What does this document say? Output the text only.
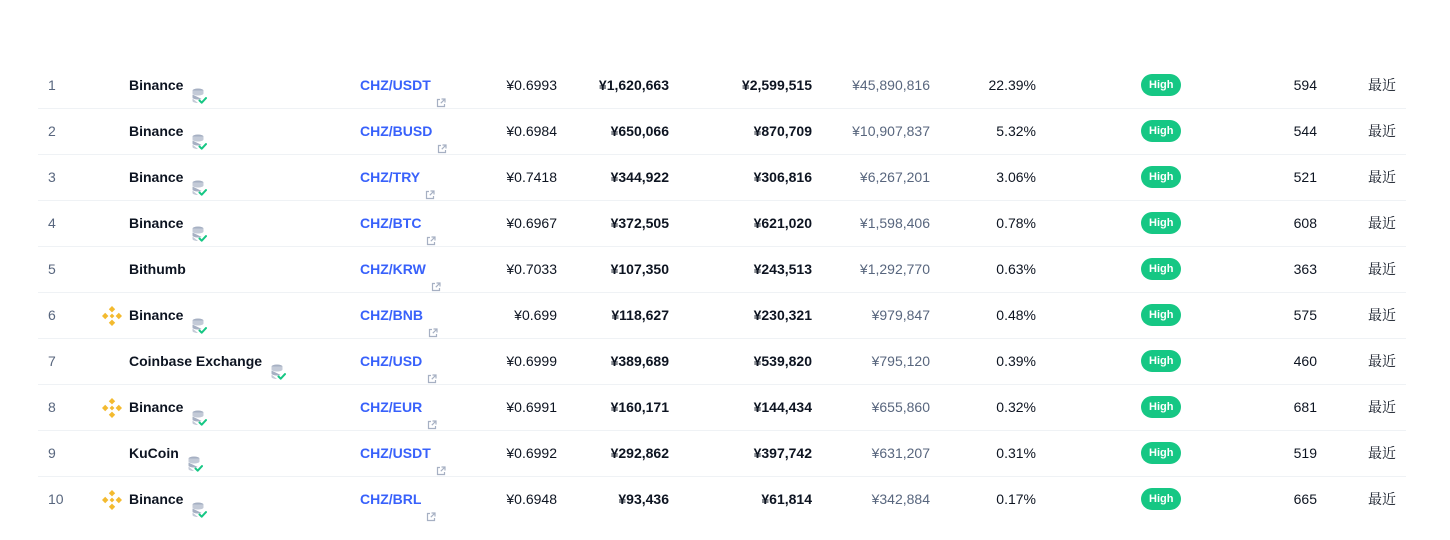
1	Binance	CHZ/USDT	¥0.6993	¥1,620,663	¥2,599,515	¥45,890,816	22.39%	High	594	最近
2	Binance	CHZ/BUSD	¥0.6984	¥650,066	¥870,709	¥10,907,837	5.32%	High	544	最近
3	Binance	CHZ/TRY	¥0.7418	¥344,922	¥306,816	¥6,267,201	3.06%	High	521	最近
4	Binance	CHZ/BTC	¥0.6967	¥372,505	¥621,020	¥1,598,406	0.78%	High	608	最近
5	Bithumb	CHZ/KRW	¥0.7033	¥107,350	¥243,513	¥1,292,770	0.63%	High	363	最近
6	Binance	CHZ/BNB	¥0.699	¥118,627	¥230,321	¥979,847	0.48%	High	575	最近
7	Coinbase Exchange	CHZ/USD	¥0.6999	¥389,689	¥539,820	¥795,120	0.39%	High	460	最近
8	Binance	CHZ/EUR	¥0.6991	¥160,171	¥144,434	¥655,860	0.32%	High	681	最近
9	KuCoin	CHZ/USDT	¥0.6992	¥292,862	¥397,742	¥631,207	0.31%	High	519	最近
10	Binance	CHZ/BRL	¥0.6948	¥93,436	¥61,814	¥342,884	0.17%	High	665	最近
